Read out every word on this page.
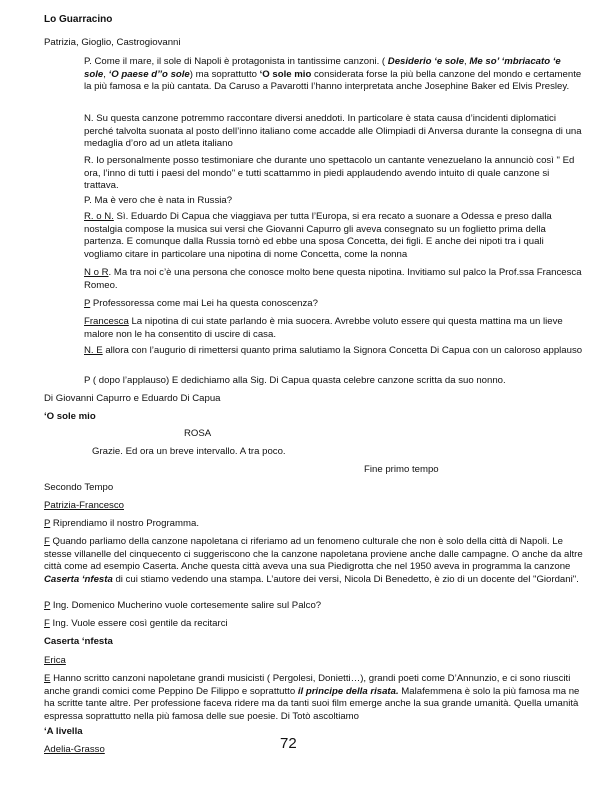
Lo Guarracino

Patrizia, Gioglio, Castrogiovanni

P. Come il mare, il sole di Napoli è protagonista in tantissime canzoni. ( Desiderio ‘e sole, Me so’ ‘mbriacato ‘e sole, ‘O paese d’’o sole) ma soprattutto ‘O sole mio considerata forse la più bella canzone del mondo e certamente la più famosa e la più cantata. Da Caruso a Pavarotti l’hanno interpretata anche Josephine Baker ed Elvis Presley.

N. Su questa canzone potremmo raccontare diversi aneddoti. In particolare è stata causa d’incidenti diplomatici perché talvolta suonata al posto dell’inno italiano come accadde alle Olimpiadi di Anversa durante la consegna di una medaglia d’oro ad un atleta italiano

R. Io personalmente posso testimoniare che durante uno spettacolo un cantante venezuelano la annunciò così " Ed ora, l’inno di tutti i paesi del mondo" e tutti scattammo in piedi applaudendo avendo intuito di quale canzone si trattava.

P. Ma è vero che è nata in Russia?

R. o N. Sì. Eduardo Di Capua che viaggiava per tutta l’Europa, si era recato a suonare a Odessa e preso dalla nostalgia compose la musica sui versi che Giovanni Capurro gli aveva consegnato su un foglietto prima della partenza. E comunque dalla Russia tornò ed ebbe una sposa Concetta, dei figli. E anche dei nipoti tra i quali vogliamo citare in particolare una nipotina di nome Concetta, come la nonna

N o R. Ma tra noi c’è una persona che conosce molto bene questa nipotina. Invitiamo sul palco la Prof.ssa Francesca Romeo.

P Professoressa come mai Lei ha questa conoscenza?

Francesca La nipotina di cui state parlando è mia suocera. Avrebbe voluto essere qui questa mattina ma un lieve malore non le ha consentito di uscire di casa.

N. E allora con l’augurio di rimettersi quanto prima salutiamo la Signora Concetta Di Capua con un caloroso applauso

P ( dopo l’applauso) E dedichiamo alla Sig. Di Capua quasta celebre canzone scritta da suo nonno.

Di Giovanni Capurro e Eduardo Di Capua

‘O sole mio

ROSA

Grazie. Ed ora un breve intervallo. A tra poco.

Fine primo tempo

Secondo Tempo

Patrizia-Francesco

P Riprendiamo il nostro Programma.

F Quando parliamo della canzone napoletana ci riferiamo ad un fenomeno culturale che non è solo della città di Napoli. Le stesse villanelle del cinquecento ci suggeriscono che la canzone napoletana proviene anche dalle campagne. O anche da altre città come ad esempio Caserta. Anche questa città aveva una sua Piedigrotta che nel 1950 aveva in programma la canzone Caserta ‘nfesta di cui stiamo vedendo una stampa. L’autore dei versi, Nicola Di Benedetto, è zio di un docente del "Giordani".

P Ing. Domenico Mucherino vuole cortesemente salire sul Palco?

F Ing. Vuole essere così gentile da recitarci

Caserta ‘nfesta

Erica

E Hanno scritto canzoni napoletane grandi musicisti ( Pergolesi, Donietti…), grandi poeti come D’Annunzio, e ci sono riusciti anche grandi comici come Peppino De Filippo e soprattutto il principe della risata. Malafemmena è solo la più famosa ma ne ha scritte tante altre. Per professione faceva ridere ma da tanti suoi film emerge anche la sua grande umanità. Quella umanità espressa soprattutto nella più famosa delle sue poesie. Di Totò ascoltiamo

‘A livella

Adelia-Grasso	72
